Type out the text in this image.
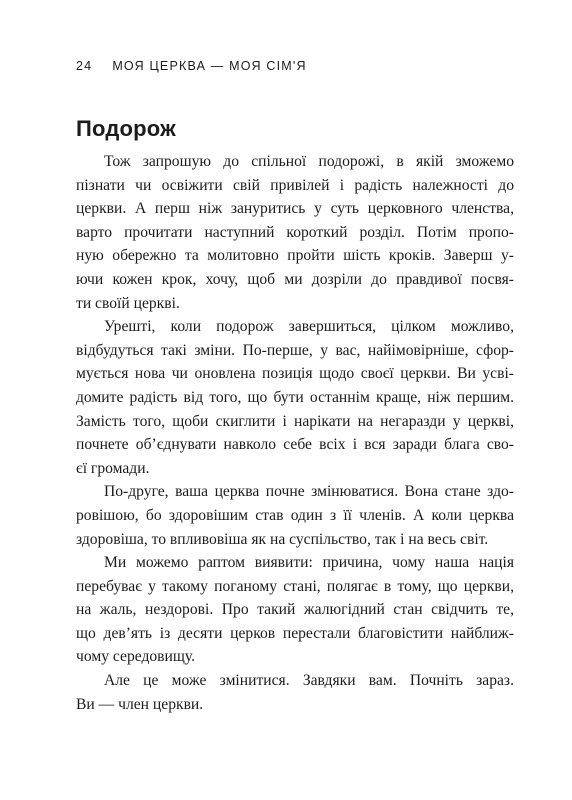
24 МОЯ ЦЕРКВА — МОЯ СІМ'Я
Подорож

Тож запрошую до спільної подорожі, в якій зможемо
пізнати чи освіжити свій привілей і радість належності до
церкви. А перш ніж зануритись у суть церковного членства,
варто прочитати наступний короткий розділ. Потім пропо-
ную обережно та молитовно пройти шість кроків. Заверш у-
ючи кожен крок, хочу, щоб ми дозріли до правдивої посвя-
ти своїй церкві.

Урешті, коли подорож завершиться, цілком можливо,
відбудуться такі зміни. По-перше, у вас, найімовірніше, сфор-
мується нова чи оновлена позиція щодо своєї церкви. Ви усві-
домите радість від того, що бути останнім краще, ніж першим.
Замість того, щоби скиглити і нарікати на негаразди у церкві,
почнете об’єднувати навколо себе всіх і вся заради блага сво-
єї громади.

По-друге, ваша церква почне змінюватися. Вона стане здо-
ровішою, бо здоровішим став один з її членів. А коли церква
здоровіша, то впливовіша як на суспільство, так і на весь світ.

Ми можемо раптом виявити: причина, чому наша нація
перебуває у такому поганому стані, полягає в тому, що церкви,
на жаль, нездорові. Про такий жалюгідний стан свідчить те,
що дев’ять із десяти церков перестали благовістити найближ-
чому середовищу.

Але це може змінитися. Завдяки вам. Почніть зараз.
Ви — член церкви.
